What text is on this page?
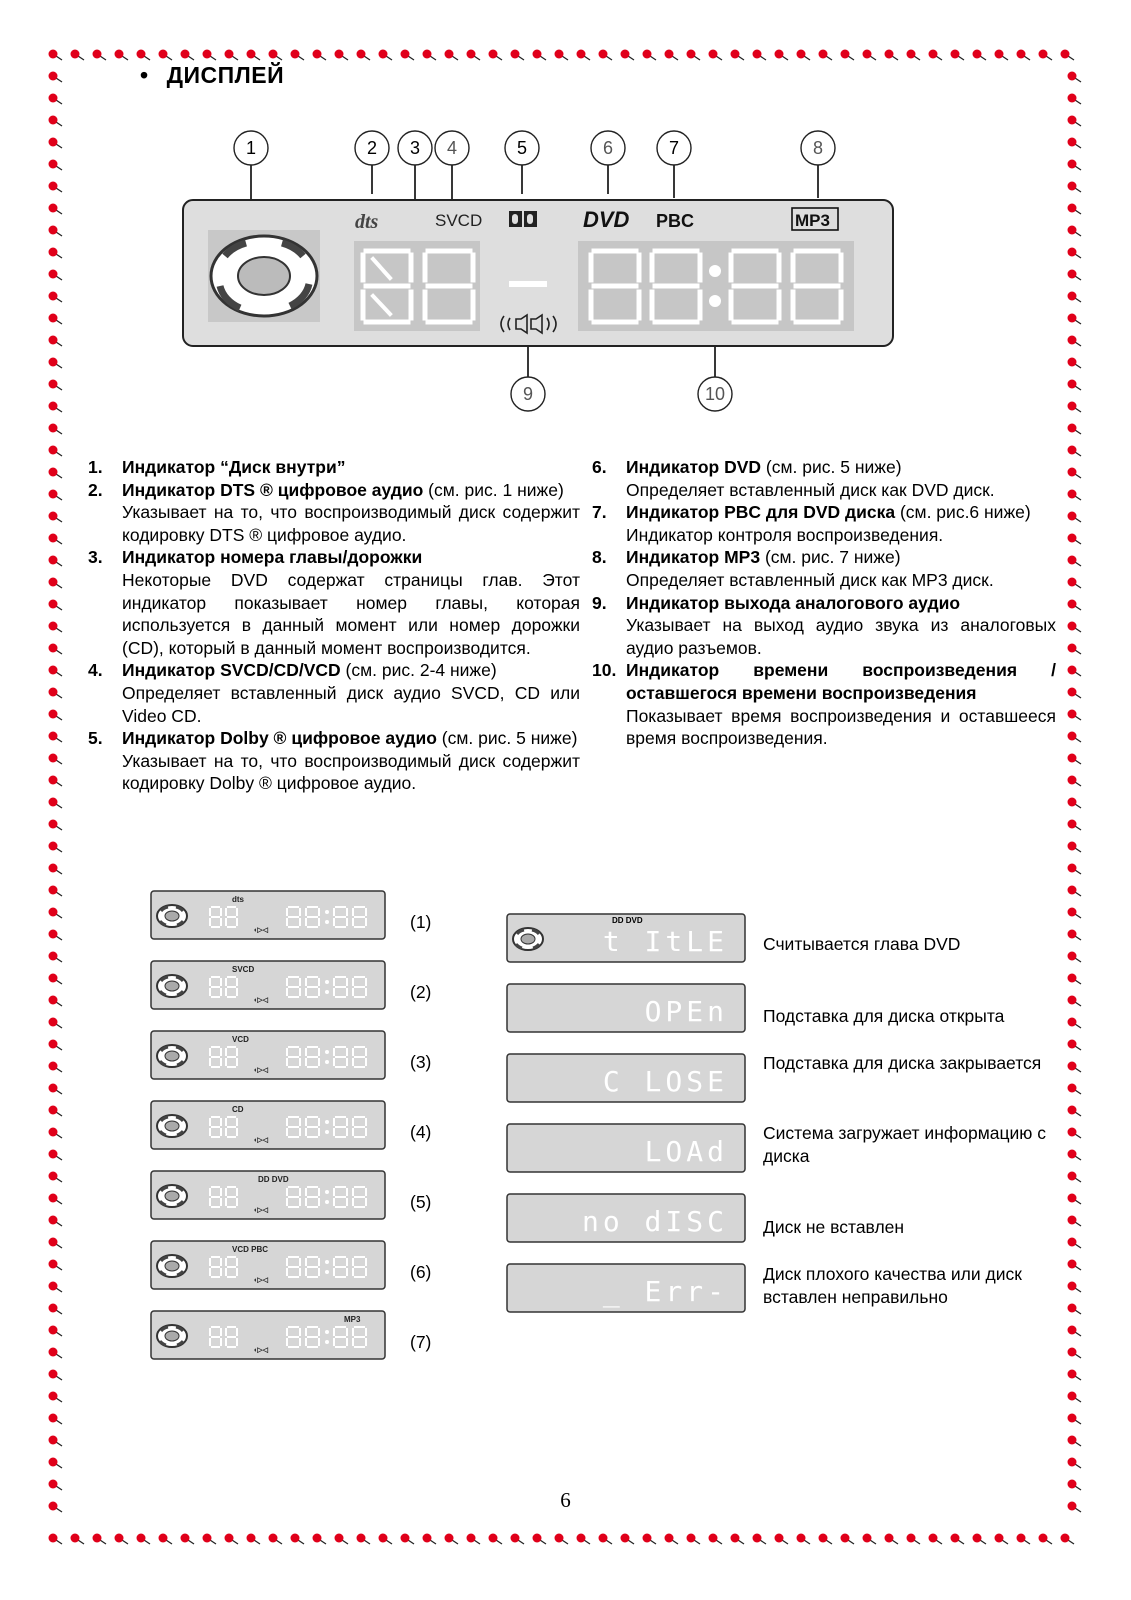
• ДИСПЛЕЙ
1	2 3 4	5	6	7	8
9	10
dts	SVCD	DVD PBC	MP3
1.	Индикатор “Диск внутри”
2.	Индикатор DTS ® цифровое аудио (см. рис. 1 ниже)
Указывает на то, что воспроизводимый диск содержит кодировку DTS ® цифровое аудио.
3.	Индикатор номера главы/дорожки
Некоторые DVD содержат страницы глав. Этот индикатор показывает номер главы, которая используется в данный момент или номер дорожки (CD), который в данный момент воспроизводится.
4.	Индикатор SVCD/CD/VCD (см. рис. 2-4 ниже)
Определяет вставленный диск аудио SVCD, CD или Video CD.
5.	Индикатор Dolby ® цифровое аудио (см. рис. 5 ниже)
Указывает на то, что воспроизводимый диск содержит кодировку Dolby ® цифровое аудио.
6.	Индикатор DVD (см. рис. 5 ниже)
Определяет вставленный диск как DVD диск.
7.	Индикатор PBC для DVD диска (см. рис.6 ниже)
Индикатор контроля воспроизведения.
8.	Индикатор MP3 (см. рис. 7 ниже)
Определяет вставленный диск как MP3 диск.
9.	Индикатор выхода аналогового аудио
Указывает на выход аудио звука из аналоговых аудио разъемов.
10. Индикатор времени воспроизведения / оставшегося времени воспроизведения
Показывает время воспроизведения и оставшееся время воспроизведения.
dts
◖▷◁	(1)
SVCD
◖▷◁	(2)
VCD
◖▷◁	(3)
CD
◖▷◁	(4)
DD DVD
◖▷◁	(5)
VCD PBC
◖▷◁	(6)
MP3
◖▷◁	(7)
DD DVD
t ItLE Считывается глава DVD
OPEn Подставка для диска открыта
C LOSE
Подставка для диска закрывается
LOAd
Система загружает информацию с диска
no dISC Диск не вставлен
_ Err-
Диск плохого качества или диск вставлен неправильно
6
